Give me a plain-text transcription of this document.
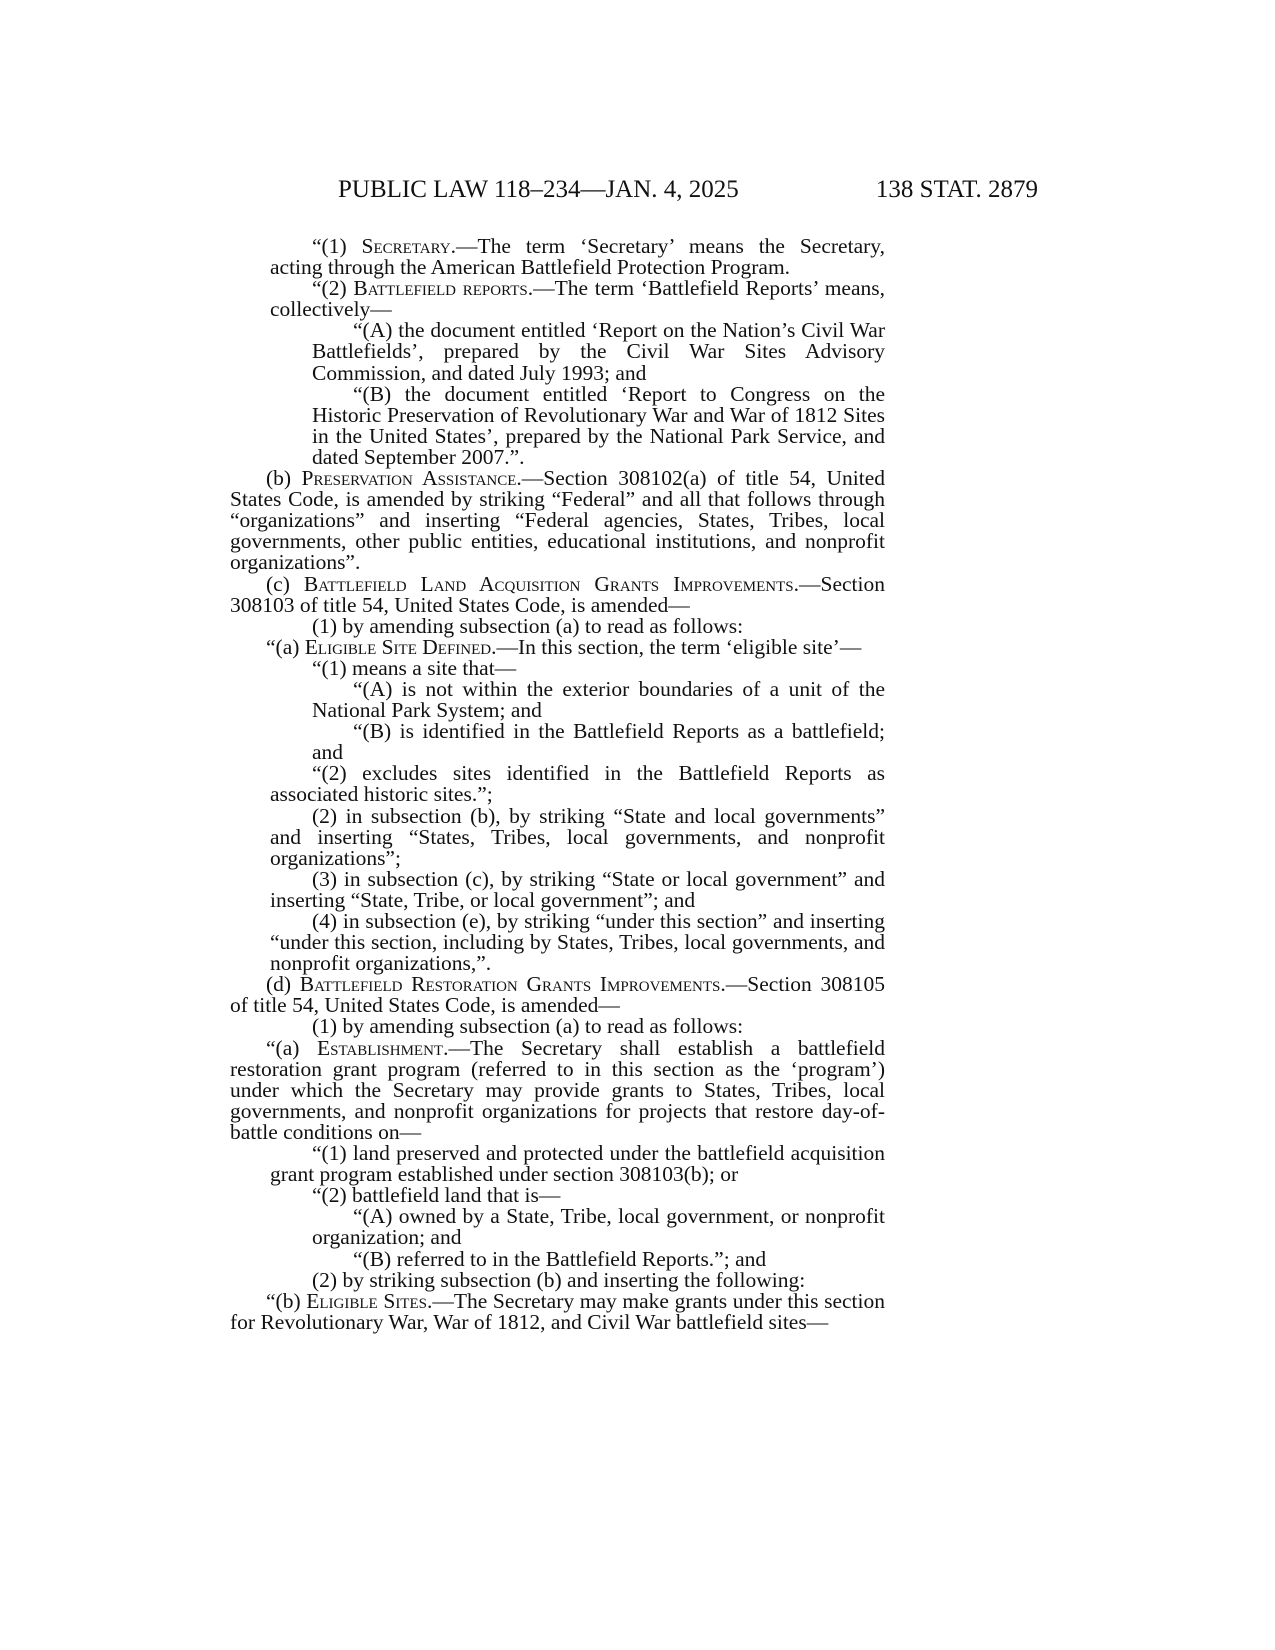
PUBLIC LAW 118–234—JAN. 4, 2025	138 STAT. 2879

“(1) Secretary.—The term ‘Secretary’ means the Secretary, acting through the American Battlefield Protection Program.

“(2) Battlefield reports.—The term ‘Battlefield Reports’ means, collectively—

“(A) the document entitled ‘Report on the Nation’s Civil War Battlefields’, prepared by the Civil War Sites Advisory Commission, and dated July 1993; and

“(B) the document entitled ‘Report to Congress on the Historic Preservation of Revolutionary War and War of 1812 Sites in the United States’, prepared by the National Park Service, and dated September 2007.”.

(b) Preservation Assistance.—Section 308102(a) of title 54, United States Code, is amended by striking “Federal” and all that follows through “organizations” and inserting “Federal agencies, States, Tribes, local governments, other public entities, educational institutions, and nonprofit organizations”.

(c) Battlefield Land Acquisition Grants Improvements.—Section 308103 of title 54, United States Code, is amended—

(1) by amending subsection (a) to read as follows:

“(a) Eligible Site Defined.—In this section, the term ‘eligible site’—

“(1) means a site that—

“(A) is not within the exterior boundaries of a unit of the National Park System; and

“(B) is identified in the Battlefield Reports as a battlefield; and

“(2) excludes sites identified in the Battlefield Reports as associated historic sites.”;

(2) in subsection (b), by striking “State and local governments” and inserting “States, Tribes, local governments, and nonprofit organizations”;

(3) in subsection (c), by striking “State or local government” and inserting “State, Tribe, or local government”; and

(4) in subsection (e), by striking “under this section” and inserting “under this section, including by States, Tribes, local governments, and nonprofit organizations,”.

(d) Battlefield Restoration Grants Improvements.—Section 308105 of title 54, United States Code, is amended—

(1) by amending subsection (a) to read as follows:

“(a) Establishment.—The Secretary shall establish a battlefield restoration grant program (referred to in this section as the ‘program’) under which the Secretary may provide grants to States, Tribes, local governments, and nonprofit organizations for projects that restore day-of-battle conditions on—

“(1) land preserved and protected under the battlefield acquisition grant program established under section 308103(b); or

“(2) battlefield land that is—

“(A) owned by a State, Tribe, local government, or nonprofit organization; and

“(B) referred to in the Battlefield Reports.”; and

(2) by striking subsection (b) and inserting the following:

“(b) Eligible Sites.—The Secretary may make grants under this section for Revolutionary War, War of 1812, and Civil War battlefield sites—
